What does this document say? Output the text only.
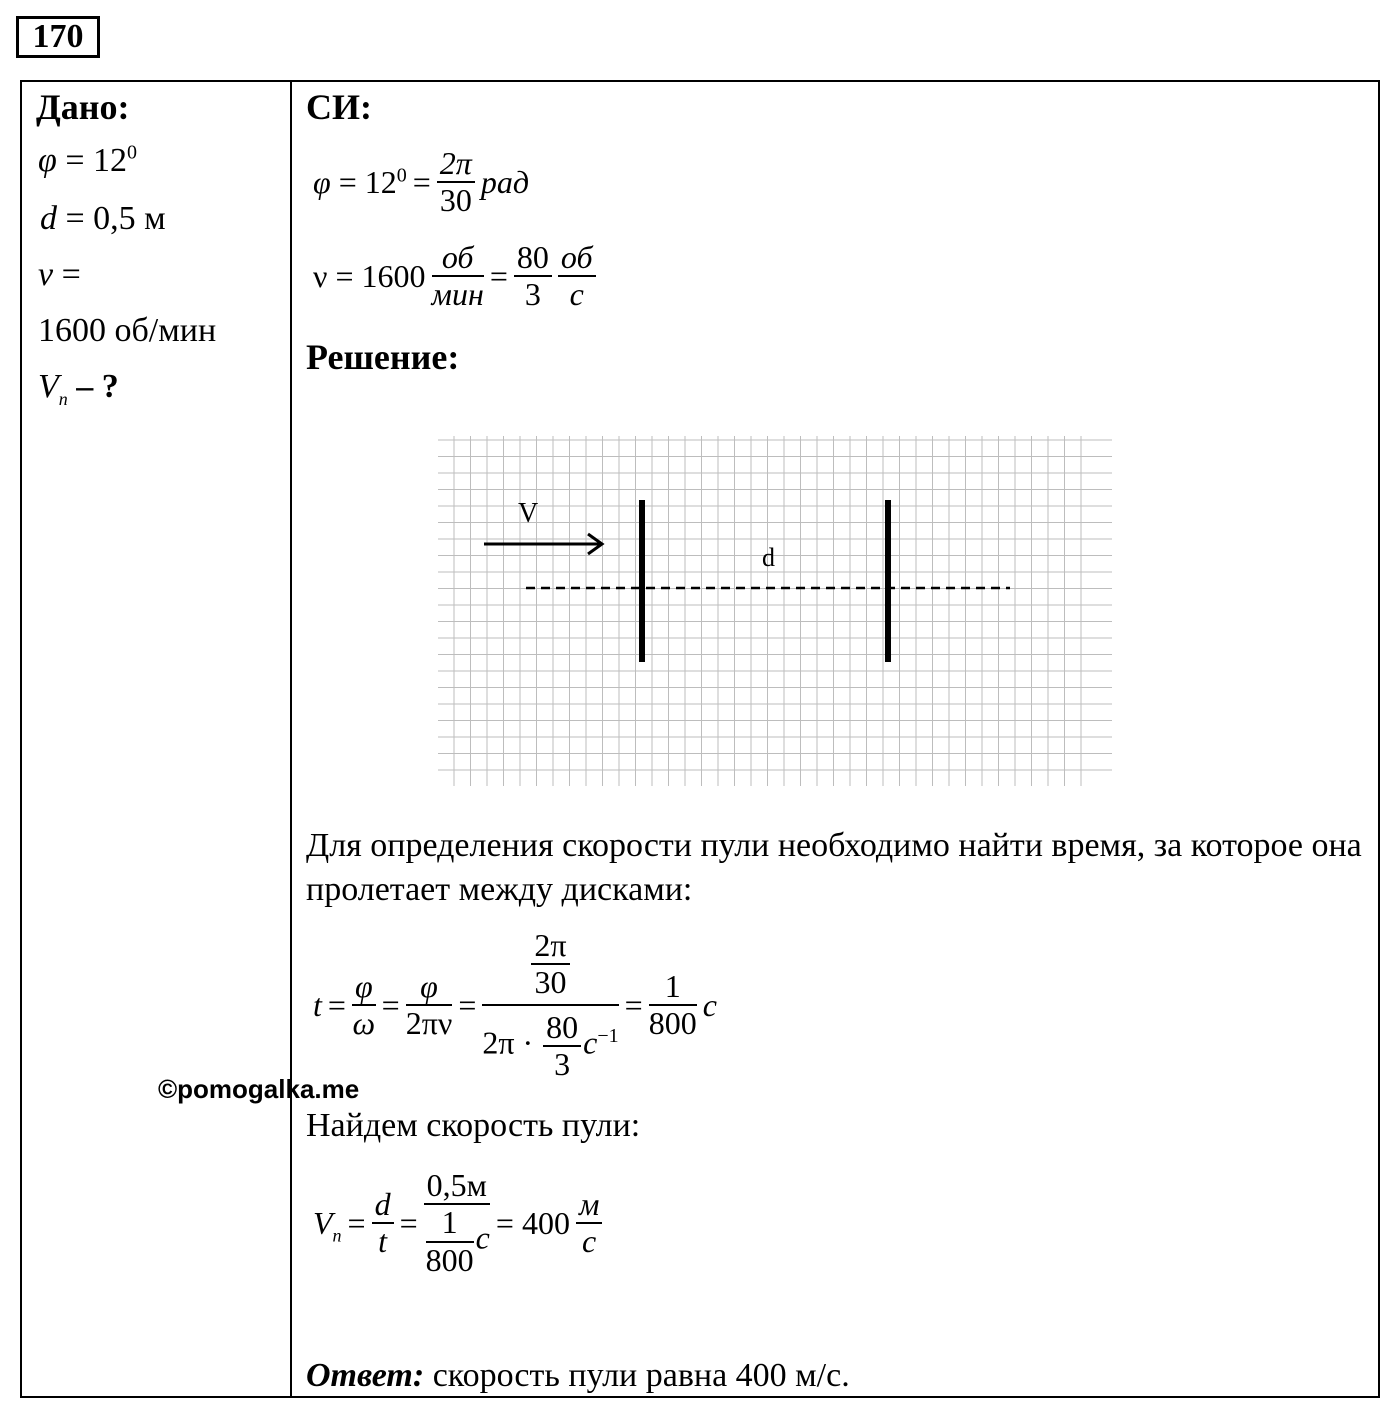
170
Дано:
$\varphi = 12^0$
d = 0,5 м
ν =
1600 об/мин
$V_п$ – ?
СИ:
$\varphi = 12^0 = \frac{2\pi}{30}$ рад
$\nu = 1600 \frac{об}{\text{мин}} = \frac{80}{3} \frac{об}{с}$
Решение:
V
d
Для определения скорости пули необходимо найти время, за которое она пролетает между дисками:
$t = \frac{\varphi}{\omega} = \frac{\varphi}{2\pi\nu} = \frac{\frac{2\pi}{30}}{2\pi \cdot \frac{80}{3} с^{-1}} = \frac{1}{800}$ с
©pomogalka.me
Найдем скорость пули:
$V_п = \frac{d}{t} = \frac{0,5м}{\frac{1}{800} с} = 400 \frac{м}{с}$
Ответ: скорость пули равна 400 м/с.
